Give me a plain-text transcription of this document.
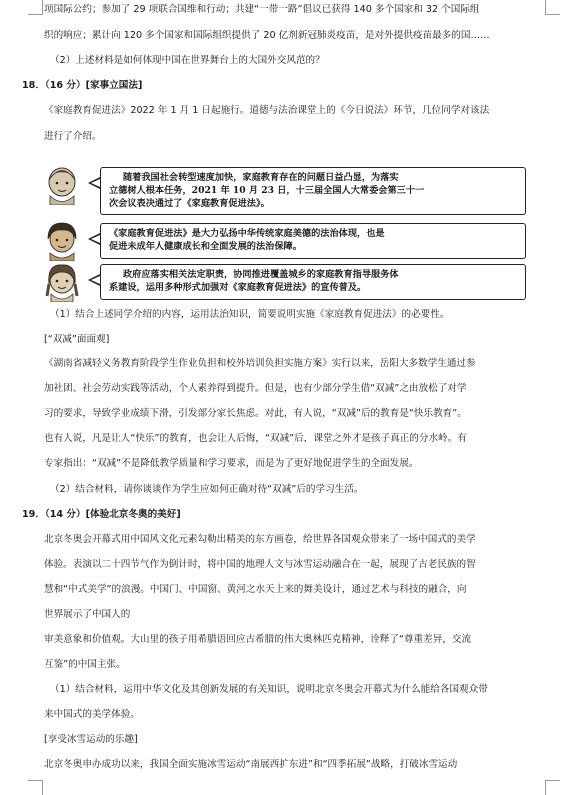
项国际公约；参加了 29 项联合国维和行动；共建“一带一路”倡议已获得 140 多个国家和 32 个国际组
织的响应；累计向 120 多个国家和国际组织提供了 20 亿剂新冠肺炎疫苗，是对外提供疫苗最多的国……
（2）上述材料是如何体现中国在世界舞台上的大国外交风范的？
18．（16 分）[家事立国法]
《家庭教育促进法》2022 年 1 月 1 日起施行。道德与法治课堂上的《今日说法》环节，几位同学对该法
进行了介绍。

随着我国社会转型速度加快，家庭教育存在的问题日益凸显，为落实
立德树人根本任务，2021 年 10 月 23 日，十三届全国人大常委会第三十一
次会议表决通过了《家庭教育促进法》。

《家庭教育促进法》是大力弘扬中华传统家庭美德的法治体现，也是
促进未成年人健康成长和全面发展的法治保障。

政府应落实相关法定职责，协同推进覆盖城乡的家庭教育指导服务体
系建设，运用多种形式加强对《家庭教育促进法》的宣传普及。

（1）结合上述同学介绍的内容，运用法治知识，简要说明实施《家庭教育促进法》的必要性。
[“双减”面面观]
《湖南省减轻义务教育阶段学生作业负担和校外培训负担实施方案》实行以来，岳阳大多数学生通过参
加社团、社会劳动实践等活动，个人素养得到提升。但是，也有少部分学生借“双减”之由放松了对学
习的要求，导致学业成绩下滑，引发部分家长焦虑。对此，有人说，“双减”后的教育是“快乐教育”。
也有人说，凡是让人“快乐”的教育，也会让人后悔，“双减”后，课堂之外才是孩子真正的分水岭。有
专家指出：“双减”不是降低教学质量和学习要求，而是为了更好地促进学生的全面发展。
（2）结合材料，请你谈谈作为学生应如何正确对待“双减”后的学习生活。
19．（14 分）[体验北京冬奥的美好]
北京冬奥会开幕式用中国风文化元素勾勒出精美的东方画卷，给世界各国观众带来了一场中国式的美学
体验。表演以二十四节气作为倒计时，将中国的地理人文与冰雪运动融合在一起，展现了古老民族的智
慧和“中式美学”的浪漫。中国门、中国窗、黄河之水天上来的舞美设计，通过艺术与科技的融合，向
世界展示了中国人的
审美意象和价值观。大山里的孩子用希腊语回应古希腊的伟大奥林匹克精神，诠释了“尊重差异，交流
互鉴”的中国主张。
（1）结合材料，运用中华文化及其创新发展的有关知识，说明北京冬奥会开幕式为什么能给各国观众带
来中国式的美学体验。
[享受冰雪运动的乐趣]
北京冬奥申办成功以来，我国全面实施冰雪运动“南展西扩东进”和“四季拓展”战略，打破冰雪运动
